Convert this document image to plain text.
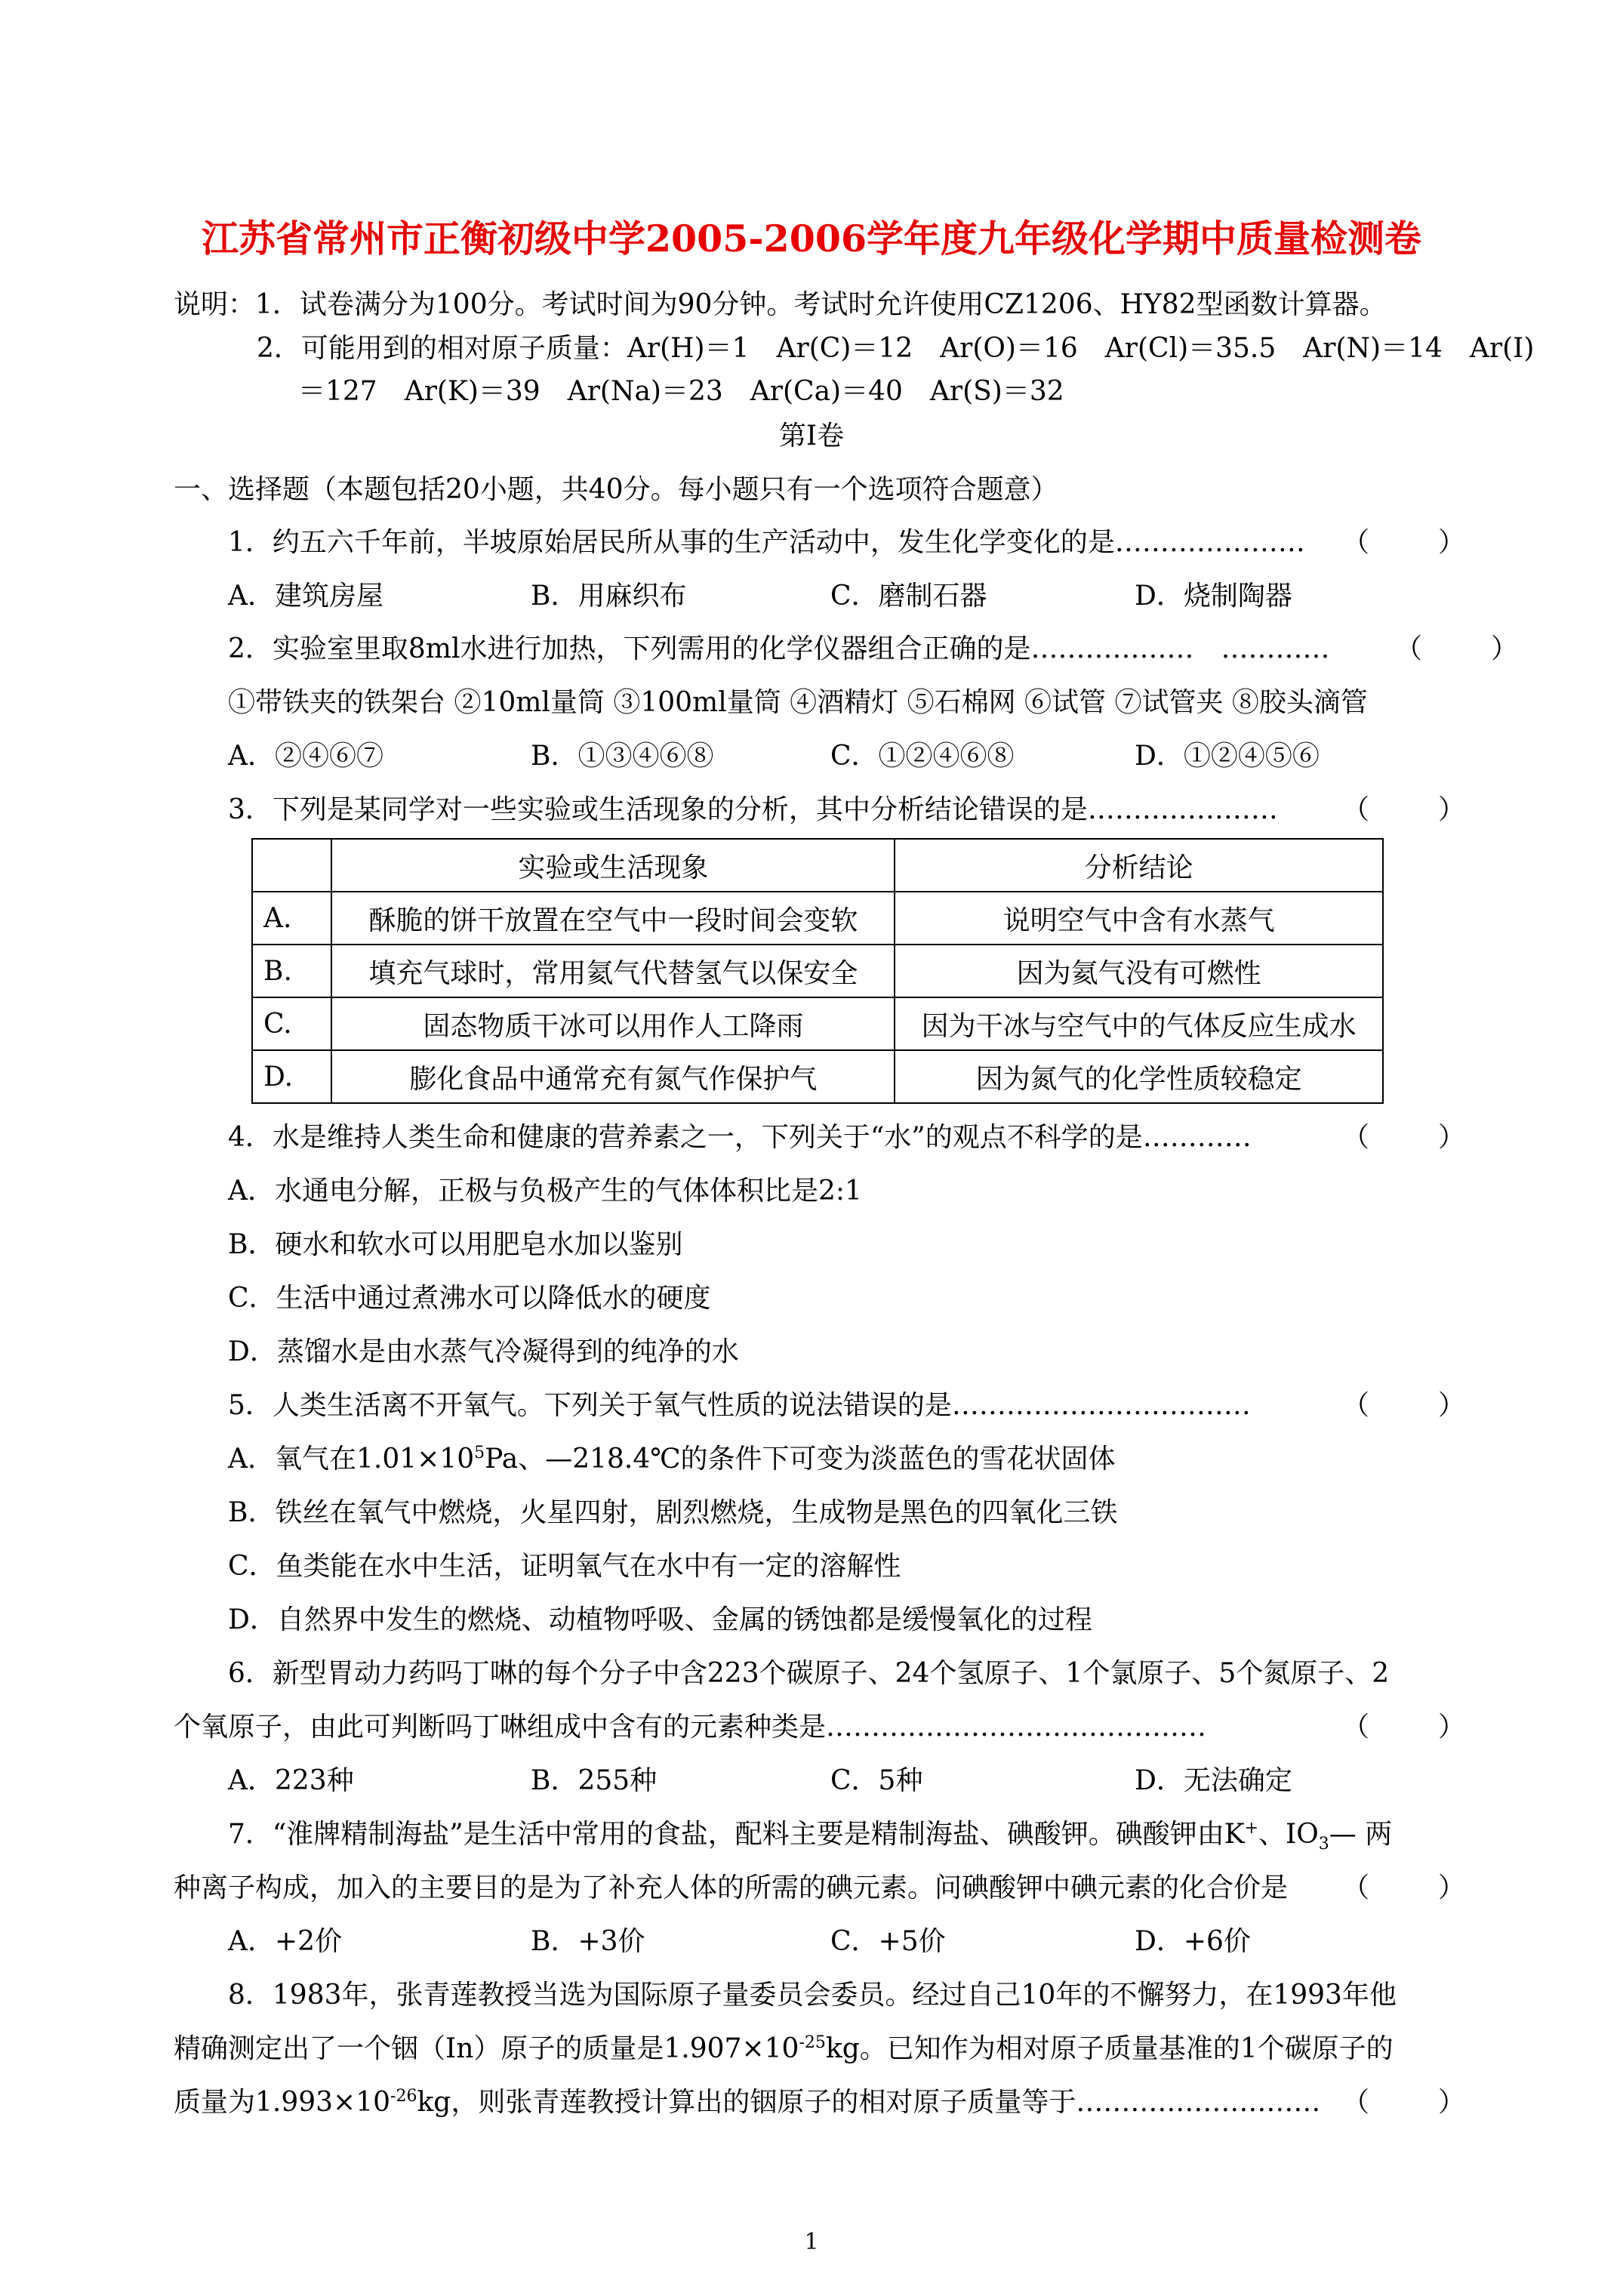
江苏省常州市正衡初级中学2005-2006学年度九年级化学期中质量检测卷
说明：1．试卷满分为100分。考试时间为90分钟。考试时允许使用CZ1206、HY82型函数计算器。
2．可能用到的相对原子质量：Ar(H)＝1　Ar(C)＝12　Ar(O)＝16　Ar(Cl)＝35.5　Ar(N)＝14　Ar(I)
＝127　Ar(K)＝39　Ar(Na)＝23　Ar(Ca)＝40　Ar(S)＝32
第Ⅰ卷
一、选择题（本题包括20小题，共40分。每小题只有一个选项符合题意）
1．约五六千年前，半坡原始居民所从事的生产活动中，发生化学变化的是………………… （	）
A．建筑房屋	B．用麻织布	C．磨制石器	D．烧制陶器
2．实验室里取8ml水进行加热，下列需用的化学仪器组合正确的是………………　………… （	）
①带铁夹的铁架台 ②10ml量筒 ③100ml量筒 ④酒精灯 ⑤石棉网 ⑥试管 ⑦试管夹 ⑧胶头滴管
A．②④⑥⑦	B．①③④⑥⑧	C．①②④⑥⑧	D．①②④⑤⑥
3．下列是某同学对一些实验或生活现象的分析，其中分析结论错误的是………………… （	）
	实验或生活现象	分析结论
A.	酥脆的饼干放置在空气中一段时间会变软	说明空气中含有水蒸气
B.	填充气球时，常用氦气代替氢气以保安全	因为氦气没有可燃性
C.	固态物质干冰可以用作人工降雨	因为干冰与空气中的气体反应生成水
D.	膨化食品中通常充有氮气作保护气	因为氮气的化学性质较稳定
4．水是维持人类生命和健康的营养素之一，下列关于“水”的观点不科学的是…………	（	）
A．水通电分解，正极与负极产生的气体体积比是2:1
B．硬水和软水可以用肥皂水加以鉴别
C．生活中通过煮沸水可以降低水的硬度
D．蒸馏水是由水蒸气冷凝得到的纯净的水
5．人类生活离不开氧气。下列关于氧气性质的说法错误的是……………………………	（	）
A．氧气在$1.01\times 10^5Pa$、—218.4℃的条件下可变为淡蓝色的雪花状固体
B．铁丝在氧气中燃烧，火星四射，剧烈燃烧，生成物是黑色的四氧化三铁
C．鱼类能在水中生活，证明氧气在水中有一定的溶解性
D．自然界中发生的燃烧、动植物呼吸、金属的锈蚀都是缓慢氧化的过程
6．新型胃动力药吗丁啉的每个分子中含223个碳原子、24个氢原子、1个氯原子、5个氮原子、2
个氧原子，由此可判断吗丁啉组成中含有的元素种类是……………………………………	（	）
A．223种	B．255种	C．5种	D．无法确定
7．“淮牌精制海盐”是生活中常用的食盐，配料主要是精制海盐、碘酸钾。碘酸钾由K+、$IO_3—$ 两
种离子构成，加入的主要目的是为了补充人体的所需的碘元素。问碘酸钾中碘元素的化合价是 （	）
A．+2价	B．+3价	C．+5价	D．+6价
8．1983年，张青莲教授当选为国际原子量委员会委员。经过自己10年的不懈努力，在1993年他
精确测定出了一个铟（In）原子的质量是$1.907\times 10^{-25}kg$。已知作为相对原子质量基准的1个碳原子的
质量为$1.993\times 10^{-26}kg$，则张青莲教授计算出的铟原子的相对原子质量等于……………………… （	）
1
